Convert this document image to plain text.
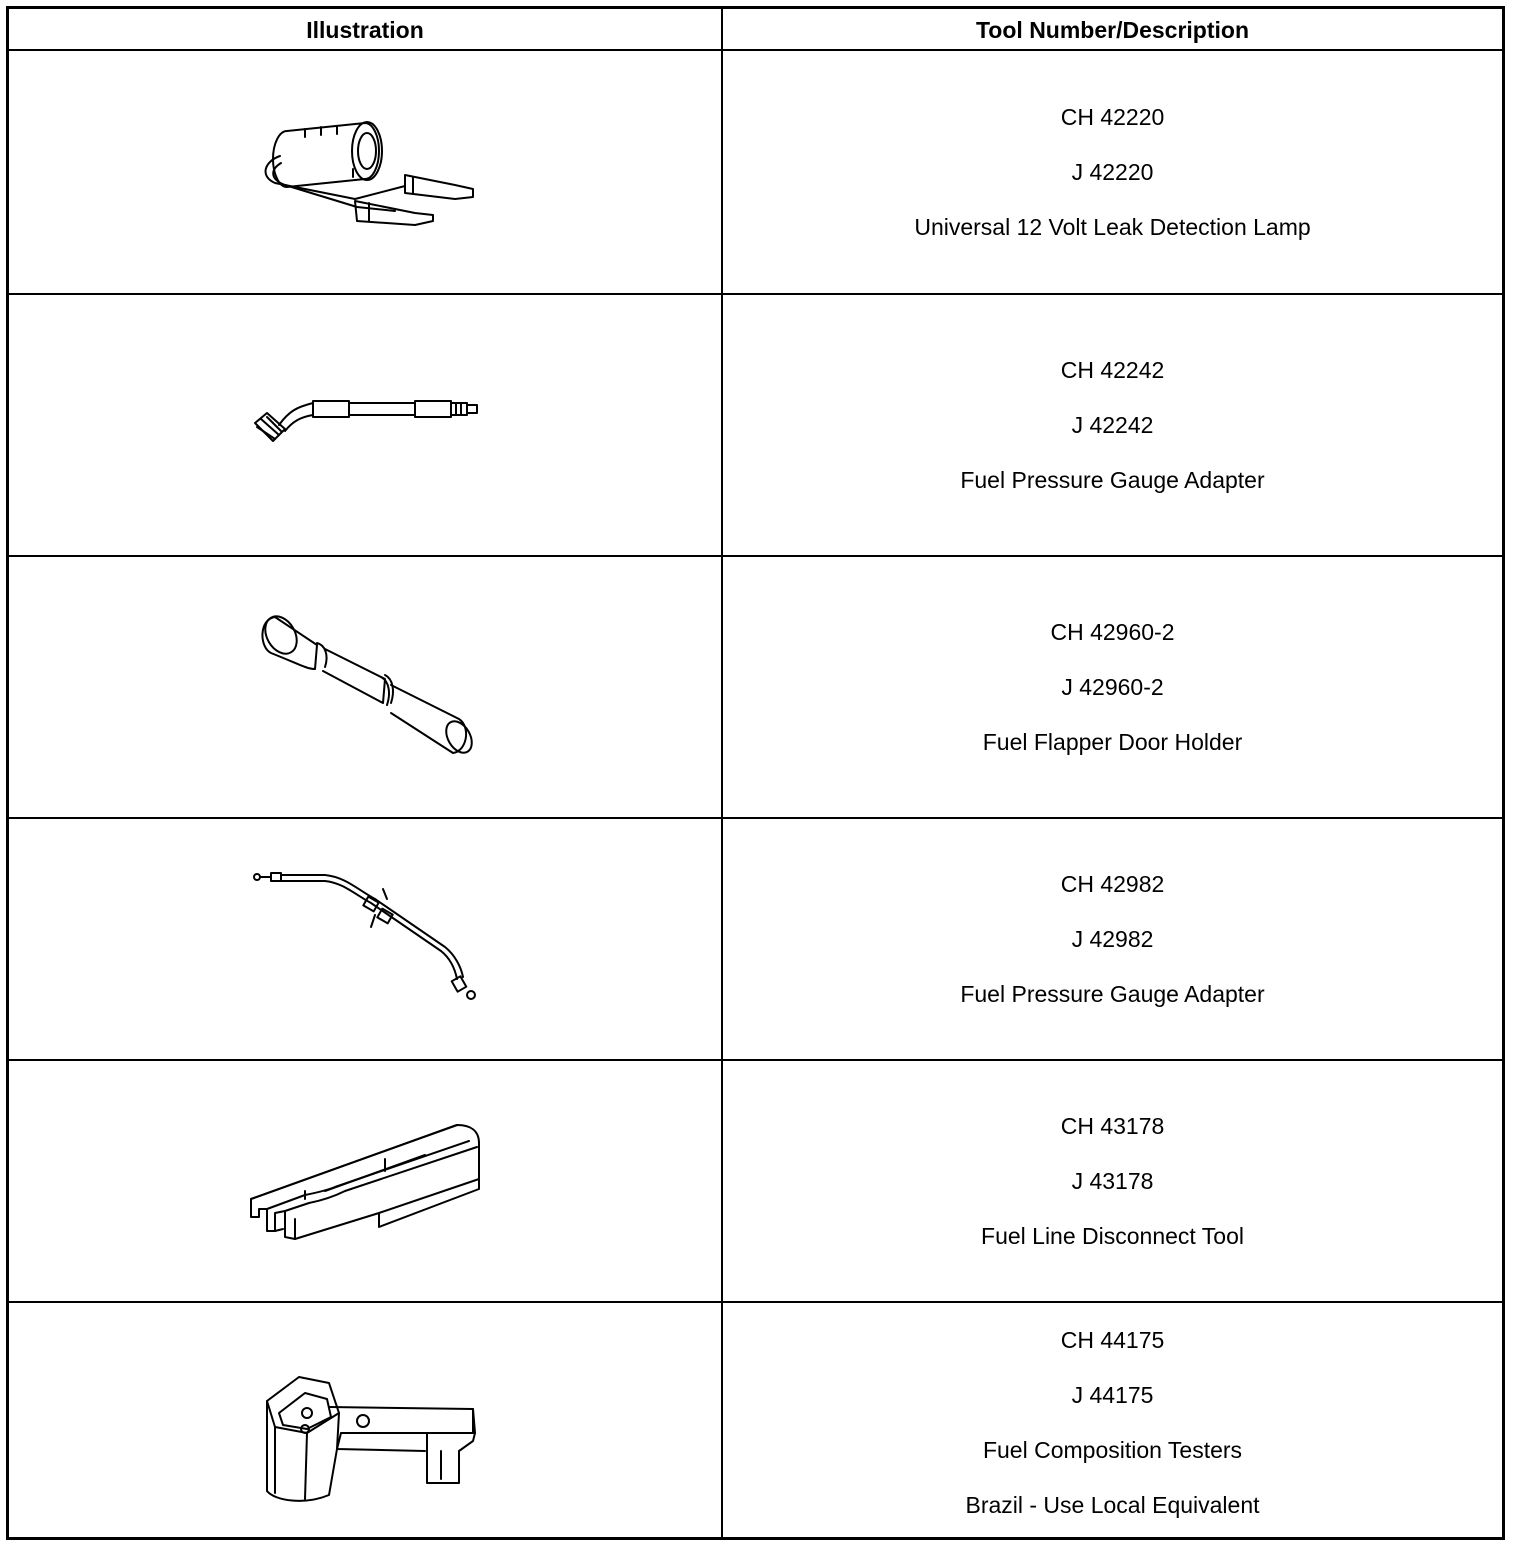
Illustration	Tool Number/Description
CH 42220
J 42220
Universal 12 Volt Leak Detection Lamp
CH 42242
J 42242
Fuel Pressure Gauge Adapter
CH 42960-2
J 42960-2
Fuel Flapper Door Holder
CH 42982
J 42982
Fuel Pressure Gauge Adapter
CH 43178
J 43178
Fuel Line Disconnect Tool
CH 44175
J 44175
Fuel Composition Testers
Brazil - Use Local Equivalent
